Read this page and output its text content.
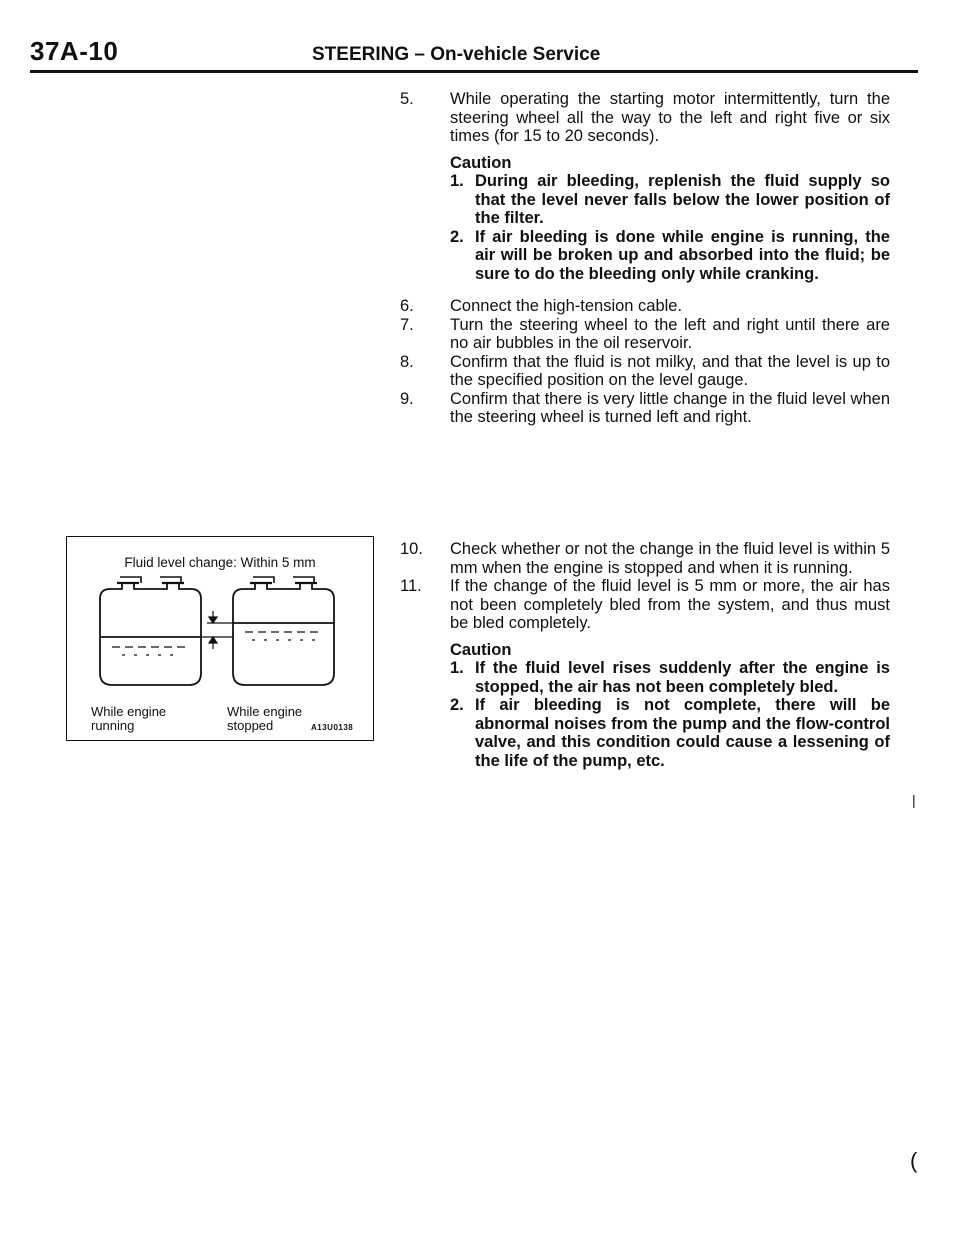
37A-10	STEERING – On-vehicle Service
5.	While operating the starting motor intermittently, turn the steering wheel all the way to the left and right five or six times (for 15 to 20 seconds).
Caution
1. During air bleeding, replenish the fluid supply so that the level never falls below the lower position of the filter.
2. If air bleeding is done while engine is running, the air will be broken up and absorbed into the fluid; be sure to do the bleeding only while cranking.
6.	Connect the high-tension cable.
7.	Turn the steering wheel to the left and right until there are no air bubbles in the oil reservoir.
8.	Confirm that the fluid is not milky, and that the level is up to the specified position on the level gauge.
9.	Confirm that there is very little change in the fluid level when the steering wheel is turned left and right.
10.	Check whether or not the change in the fluid level is within 5 mm when the engine is stopped and when it is running.
11.	If the change of the fluid level is 5 mm or more, the air has not been completely bled from the system, and thus must be bled completely.
Caution
1. If the fluid level rises suddenly after the engine is stopped, the air has not been completely bled.
2. If air bleeding is not complete, there will be abnormal noises from the pump and the flow-control valve, and this condition could cause a lessening of the life of the pump, etc.
Fluid level change: Within 5 mm
While engine
running
While engine
stopped	A13U0138
|
(
